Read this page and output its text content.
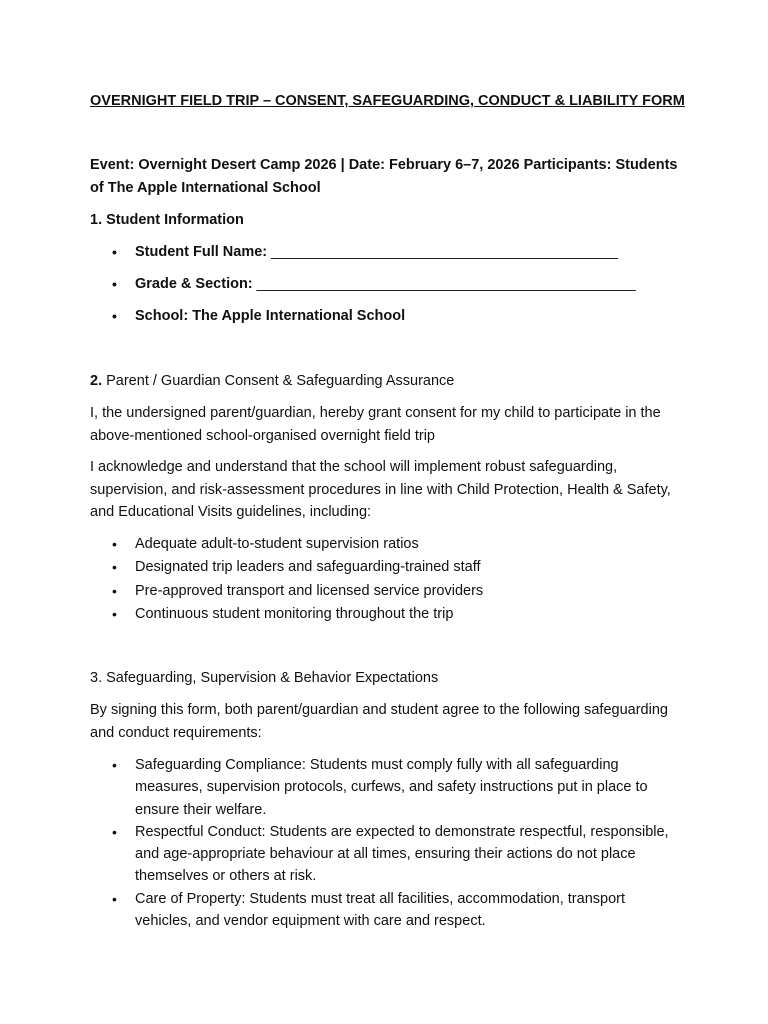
OVERNIGHT FIELD TRIP – CONSENT, SAFEGUARDING, CONDUCT & LIABILITY FORM
Event: Overnight Desert Camp 2026 | Date: February 6–7, 2026 Participants: Students of The Apple International School
1. Student Information
• Student Full Name: ___________________________________________
• Grade & Section: _______________________________________________
• School: The Apple International School
2. Parent / Guardian Consent & Safeguarding Assurance
I, the undersigned parent/guardian, hereby grant consent for my child to participate in the above-mentioned school-organised overnight field trip
I acknowledge and understand that the school will implement robust safeguarding, supervision, and risk-assessment procedures in line with Child Protection, Health & Safety, and Educational Visits guidelines, including:
• Adequate adult-to-student supervision ratios
• Designated trip leaders and safeguarding-trained staff
• Pre-approved transport and licensed service providers
• Continuous student monitoring throughout the trip
3. Safeguarding, Supervision & Behavior Expectations
By signing this form, both parent/guardian and student agree to the following safeguarding and conduct requirements:
• Safeguarding Compliance: Students must comply fully with all safeguarding measures, supervision protocols, curfews, and safety instructions put in place to ensure their welfare.
• Respectful Conduct: Students are expected to demonstrate respectful, responsible, and age-appropriate behaviour at all times, ensuring their actions do not place themselves or others at risk.
• Care of Property: Students must treat all facilities, accommodation, transport vehicles, and vendor equipment with care and respect.
